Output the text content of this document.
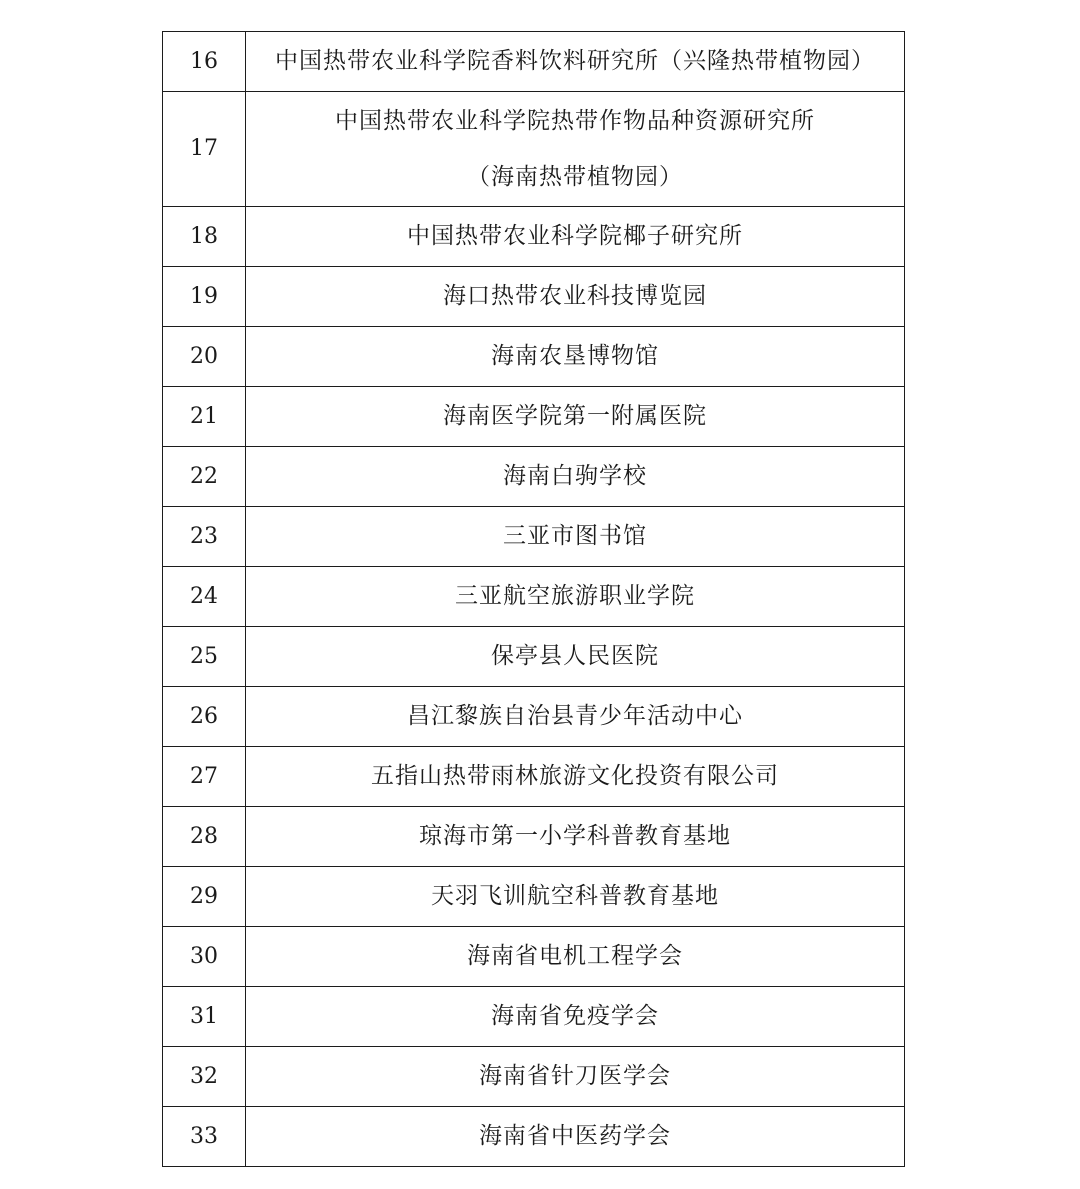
16	中国热带农业科学院香料饮料研究所（兴隆热带植物园）
17	中国热带农业科学院热带作物品种资源研究所
（海南热带植物园）

18	中国热带农业科学院椰子研究所
19	海口热带农业科技博览园
20	海南农垦博物馆
21	海南医学院第一附属医院
22	海南白驹学校
23	三亚市图书馆
24	三亚航空旅游职业学院
25	保亭县人民医院
26	昌江黎族自治县青少年活动中心
27	五指山热带雨林旅游文化投资有限公司
28	琼海市第一小学科普教育基地
29	天羽飞训航空科普教育基地
30	海南省电机工程学会
31	海南省免疫学会
32	海南省针刀医学会
33	海南省中医药学会
